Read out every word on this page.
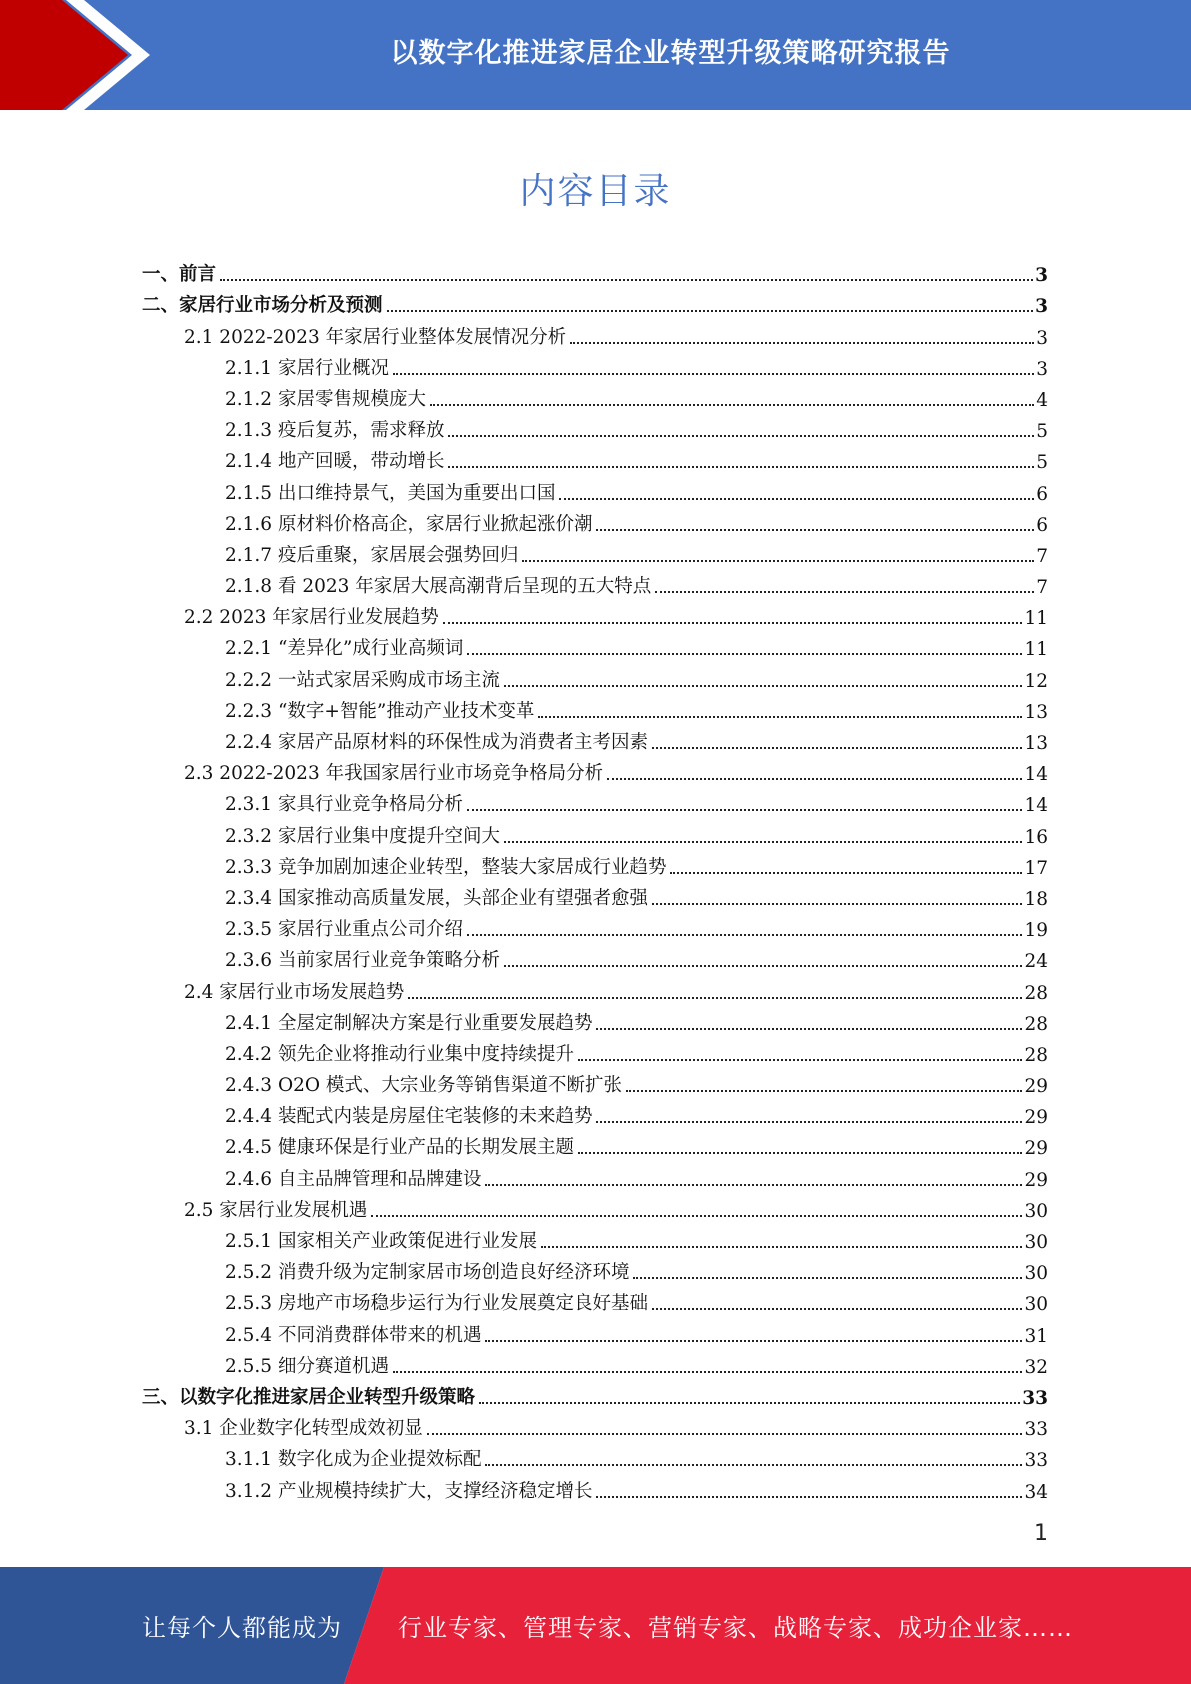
以数字化推进家居企业转型升级策略研究报告
内容目录
一、前言	3
二、家居行业市场分析及预测	3
2.1 2022-2023 年家居行业整体发展情况分析	3
2.1.1 家居行业概况	3
2.1.2 家居零售规模庞大	4
2.1.3 疫后复苏，需求释放	5
2.1.4 地产回暖，带动增长	5
2.1.5 出口维持景气，美国为重要出口国	6
2.1.6 原材料价格高企，家居行业掀起涨价潮	6
2.1.7 疫后重聚，家居展会强势回归	7
2.1.8 看 2023 年家居大展高潮背后呈现的五大特点	7
2.2 2023 年家居行业发展趋势	11
2.2.1 “差异化”成行业高频词	11
2.2.2 一站式家居采购成市场主流	12
2.2.3 “数字+智能”推动产业技术变革	13
2.2.4 家居产品原材料的环保性成为消费者主考因素	13
2.3 2022-2023 年我国家居行业市场竞争格局分析	14
2.3.1 家具行业竞争格局分析	14
2.3.2 家居行业集中度提升空间大	16
2.3.3 竞争加剧加速企业转型，整装大家居成行业趋势	17
2.3.4 国家推动高质量发展，头部企业有望强者愈强	18
2.3.5 家居行业重点公司介绍	19
2.3.6 当前家居行业竞争策略分析	24
2.4 家居行业市场发展趋势	28
2.4.1 全屋定制解决方案是行业重要发展趋势	28
2.4.2 领先企业将推动行业集中度持续提升	28
2.4.3 O2O 模式、大宗业务等销售渠道不断扩张	29
2.4.4 装配式内装是房屋住宅装修的未来趋势	29
2.4.5 健康环保是行业产品的长期发展主题	29
2.4.6 自主品牌管理和品牌建设	29
2.5 家居行业发展机遇	30
2.5.1 国家相关产业政策促进行业发展	30
2.5.2 消费升级为定制家居市场创造良好经济环境	30
2.5.3 房地产市场稳步运行为行业发展奠定良好基础	30
2.5.4 不同消费群体带来的机遇	31
2.5.5 细分赛道机遇	32
三、以数字化推进家居企业转型升级策略	33
3.1 企业数字化转型成效初显	33
3.1.1 数字化成为企业提效标配	33
3.1.2 产业规模持续扩大，支撑经济稳定增长	34
1
让每个人都能成为 行业专家、管理专家、营销专家、战略专家、成功企业家……
